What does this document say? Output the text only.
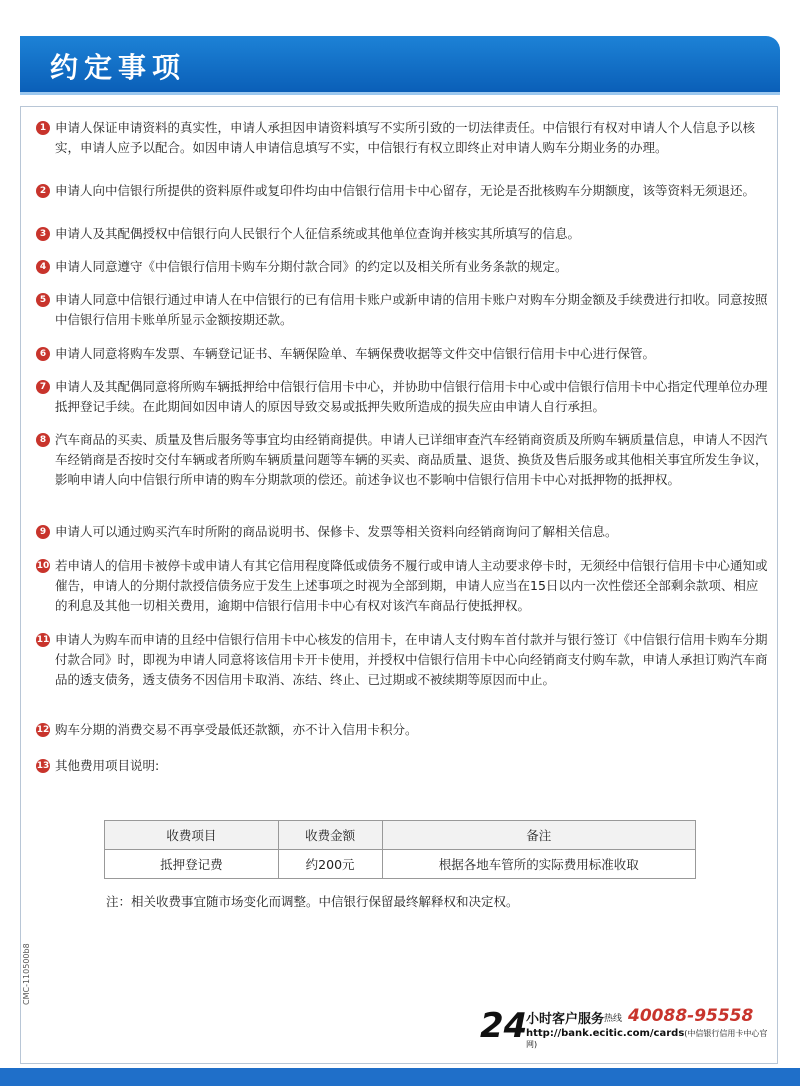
约定事项
1 申请人保证申请资料的真实性，申请人承担因申请资料填写不实所引致的一切法律责任。中信银行有权对申请人个人信息予以核实，申请人应予以配合。如因申请人申请信息填写不实，中信银行有权立即终止对申请人购车分期业务的办理。
2 申请人向中信银行所提供的资料原件或复印件均由中信银行信用卡中心留存，无论是否批核购车分期额度，该等资料无须退还。
3 申请人及其配偶授权中信银行向人民银行个人征信系统或其他单位查询并核实其所填写的信息。
4 申请人同意遵守《中信银行信用卡购车分期付款合同》的约定以及相关所有业务条款的规定。
5 申请人同意中信银行通过申请人在中信银行的已有信用卡账户或新申请的信用卡账户对购车分期金额及手续费进行扣收。同意按照中信银行信用卡账单所显示金额按期还款。
6 申请人同意将购车发票、车辆登记证书、车辆保险单、车辆保费收据等文件交中信银行信用卡中心进行保管。
7 申请人及其配偶同意将所购车辆抵押给中信银行信用卡中心，并协助中信银行信用卡中心或中信银行信用卡中心指定代理单位办理抵押登记手续。在此期间如因申请人的原因导致交易或抵押失败所造成的损失应由申请人自行承担。
8 汽车商品的买卖、质量及售后服务等事宜均由经销商提供。申请人已详细审查汽车经销商资质及所购车辆质量信息，申请人不因汽车经销商是否按时交付车辆或者所购车辆质量问题等车辆的买卖、商品质量、退货、换货及售后服务或其他相关事宜所发生争议，影响申请人向中信银行所申请的购车分期款项的偿还。前述争议也不影响中信银行信用卡中心对抵押物的抵押权。
9 申请人可以通过购买汽车时所附的商品说明书、保修卡、发票等相关资料向经销商询问了解相关信息。
10 若申请人的信用卡被停卡或申请人有其它信用程度降低或债务不履行或申请人主动要求停卡时，无须经中信银行信用卡中心通知或催告，申请人的分期付款授信债务应于发生上述事项之时视为全部到期，申请人应当在15日以内一次性偿还全部剩余款项、相应的利息及其他一切相关费用，逾期中信银行信用卡中心有权对该汽车商品行使抵押权。
11 申请人为购车而申请的且经中信银行信用卡中心核发的信用卡，在申请人支付购车首付款并与银行签订《中信银行信用卡购车分期付款合同》时，即视为申请人同意将该信用卡开卡使用，并授权中信银行信用卡中心向经销商支付购车款，申请人承担订购汽车商品的透支债务，透支债务不因信用卡取消、冻结、终止、已过期或不被续期等原因而中止。
12 购车分期的消费交易不再享受最低还款额，亦不计入信用卡积分。
13 其他费用项目说明:
收费项目	收费金额	备注
抵押登记费	约200元	根据各地车管所的实际费用标准收取
注：相关收费事宜随市场变化而调整。中信银行保留最终解释权和决定权。
CMC-110500b8
24
小时客户服务 热线 40088-95558
http://bank.ecitic.com/cards(中信银行信用卡中心官网)
